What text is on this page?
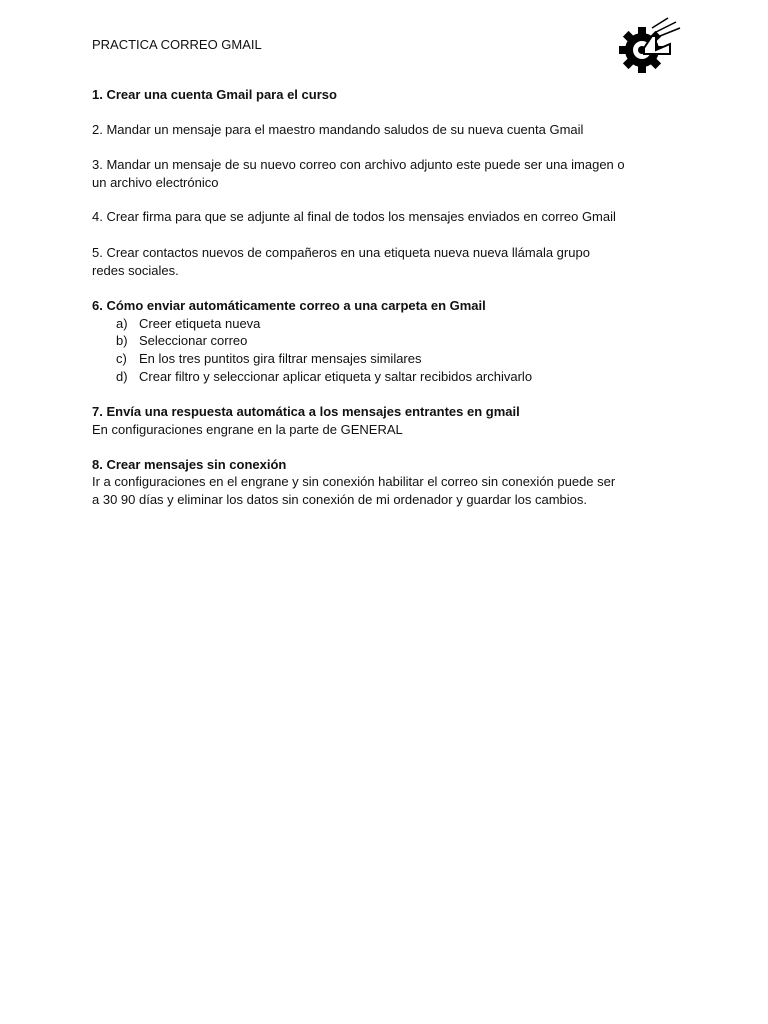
PRACTICA CORREO GMAIL
1. Crear una cuenta Gmail para el curso
2. Mandar un mensaje para el maestro mandando saludos de su nueva cuenta Gmail
3. Mandar un mensaje de su nuevo correo con archivo adjunto este puede ser una imagen o
un archivo electrónico
4. Crear firma para que se adjunte al final de todos los mensajes enviados en correo Gmail
5. Crear contactos nuevos de compañeros en una etiqueta nueva nueva llámala grupo
redes sociales.
6. Cómo enviar automáticamente correo a una carpeta en Gmail
a) Creer etiqueta nueva
b) Seleccionar correo
c) En los tres puntitos gira filtrar mensajes similares
d) Crear filtro y seleccionar aplicar etiqueta y saltar recibidos archivarlo
7. Envía una respuesta automática a los mensajes entrantes en gmail
En configuraciones engrane en la parte de GENERAL
8. Crear mensajes sin conexión
Ir a configuraciones en el engrane y sin conexión habilitar el correo sin conexión puede ser
a 30 90 días y eliminar los datos sin conexión de mi ordenador y guardar los cambios.
